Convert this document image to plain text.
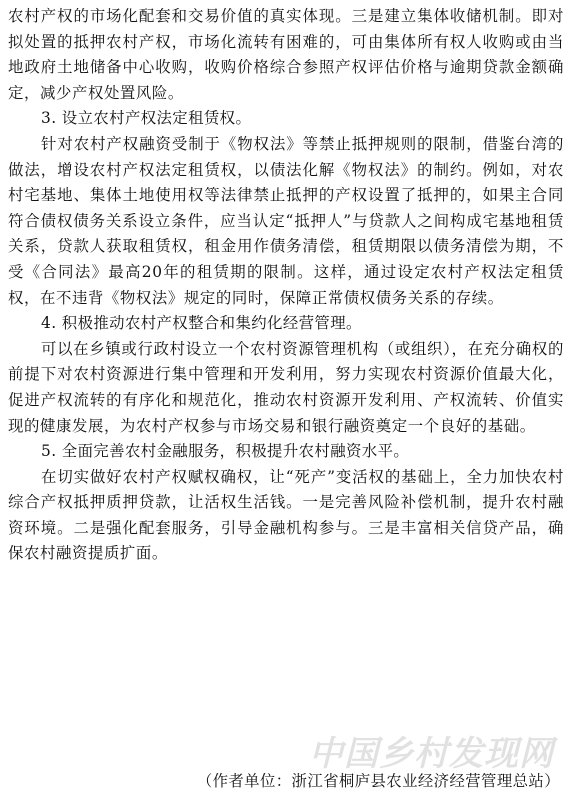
农村产权的市场化配套和交易价值的真实体现。三是建立集体收储机制。即对拟处置的抵押农村产权，市场化流转有困难的，可由集体所有权人收购或由当地政府土地储备中心收购，收购价格综合参照产权评估价格与逾期贷款金额确定，减少产权处置风险。

3. 设立农村产权法定租赁权。

针对农村产权融资受制于《物权法》等禁止抵押规则的限制，借鉴台湾的做法，增设农村产权法定租赁权，以债法化解《物权法》的制约。例如，对农村宅基地、集体土地使用权等法律禁止抵押的产权设置了抵押的，如果主合同符合债权债务关系设立条件，应当认定“抵押人”与贷款人之间构成宅基地租赁关系，贷款人获取租赁权，租金用作债务清偿，租赁期限以债务清偿为期，不受《合同法》最高20年的租赁期的限制。这样，通过设定农村产权法定租赁权，在不违背《物权法》规定的同时，保障正常债权债务关系的存续。

4. 积极推动农村产权整合和集约化经营管理。

可以在乡镇或行政村设立一个农村资源管理机构（或组织），在充分确权的前提下对农村资源进行集中管理和开发利用，努力实现农村资源价值最大化，促进产权流转的有序化和规范化，推动农村资源开发利用、产权流转、价值实现的健康发展，为农村产权参与市场交易和银行融资奠定一个良好的基础。

5. 全面完善农村金融服务，积极提升农村融资水平。

在切实做好农村产权赋权确权，让“死产”变活权的基础上，全力加快农村综合产权抵押质押贷款，让活权生活钱。一是完善风险补偿机制，提升农村融资环境。二是强化配套服务，引导金融机构参与。三是丰富相关信贷产品，确保农村融资提质扩面。

中国乡村发现网
（作者单位：浙江省桐庐县农业经济经营管理总站）
